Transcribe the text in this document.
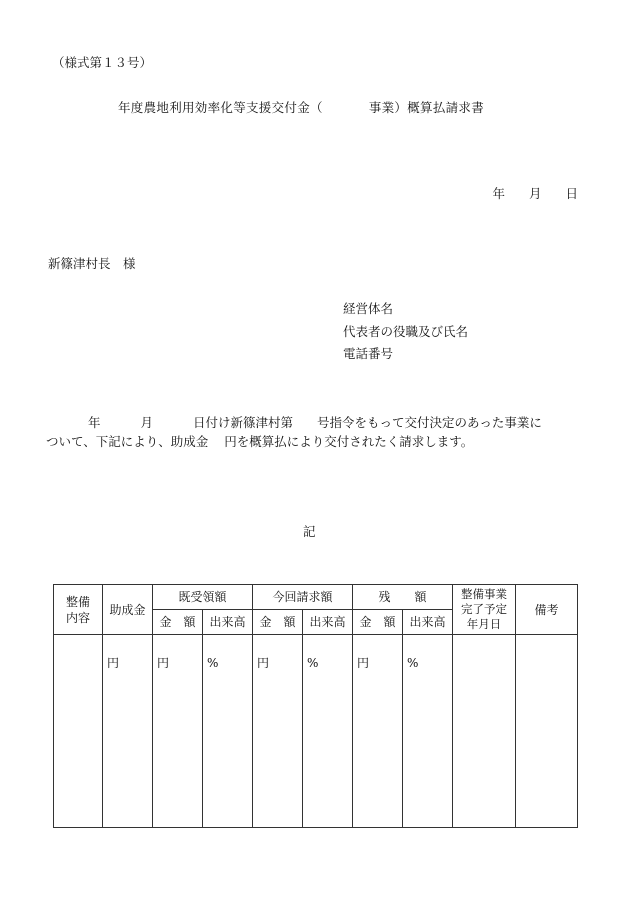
（様式第１３号）
年度農地利用効率化等支援交付金（	事業）概算払請求書
年 月 日
新篠津村長　様
経営体名
代表者の役職及び氏名
電話番号
年	月	日付け新篠津村第 号指令をもって交付決定のあった事業に
ついて、下記により、助成金 円を概算払により交付されたく請求します。
記
整備
内容	助成金	既受領額		今回請求額		残　　額		整備事業
完了予定
年月日	備考
		金　額	出来高	金　額	出来高	金　額	出来高		
	円	円	%	円	%	円	%		
